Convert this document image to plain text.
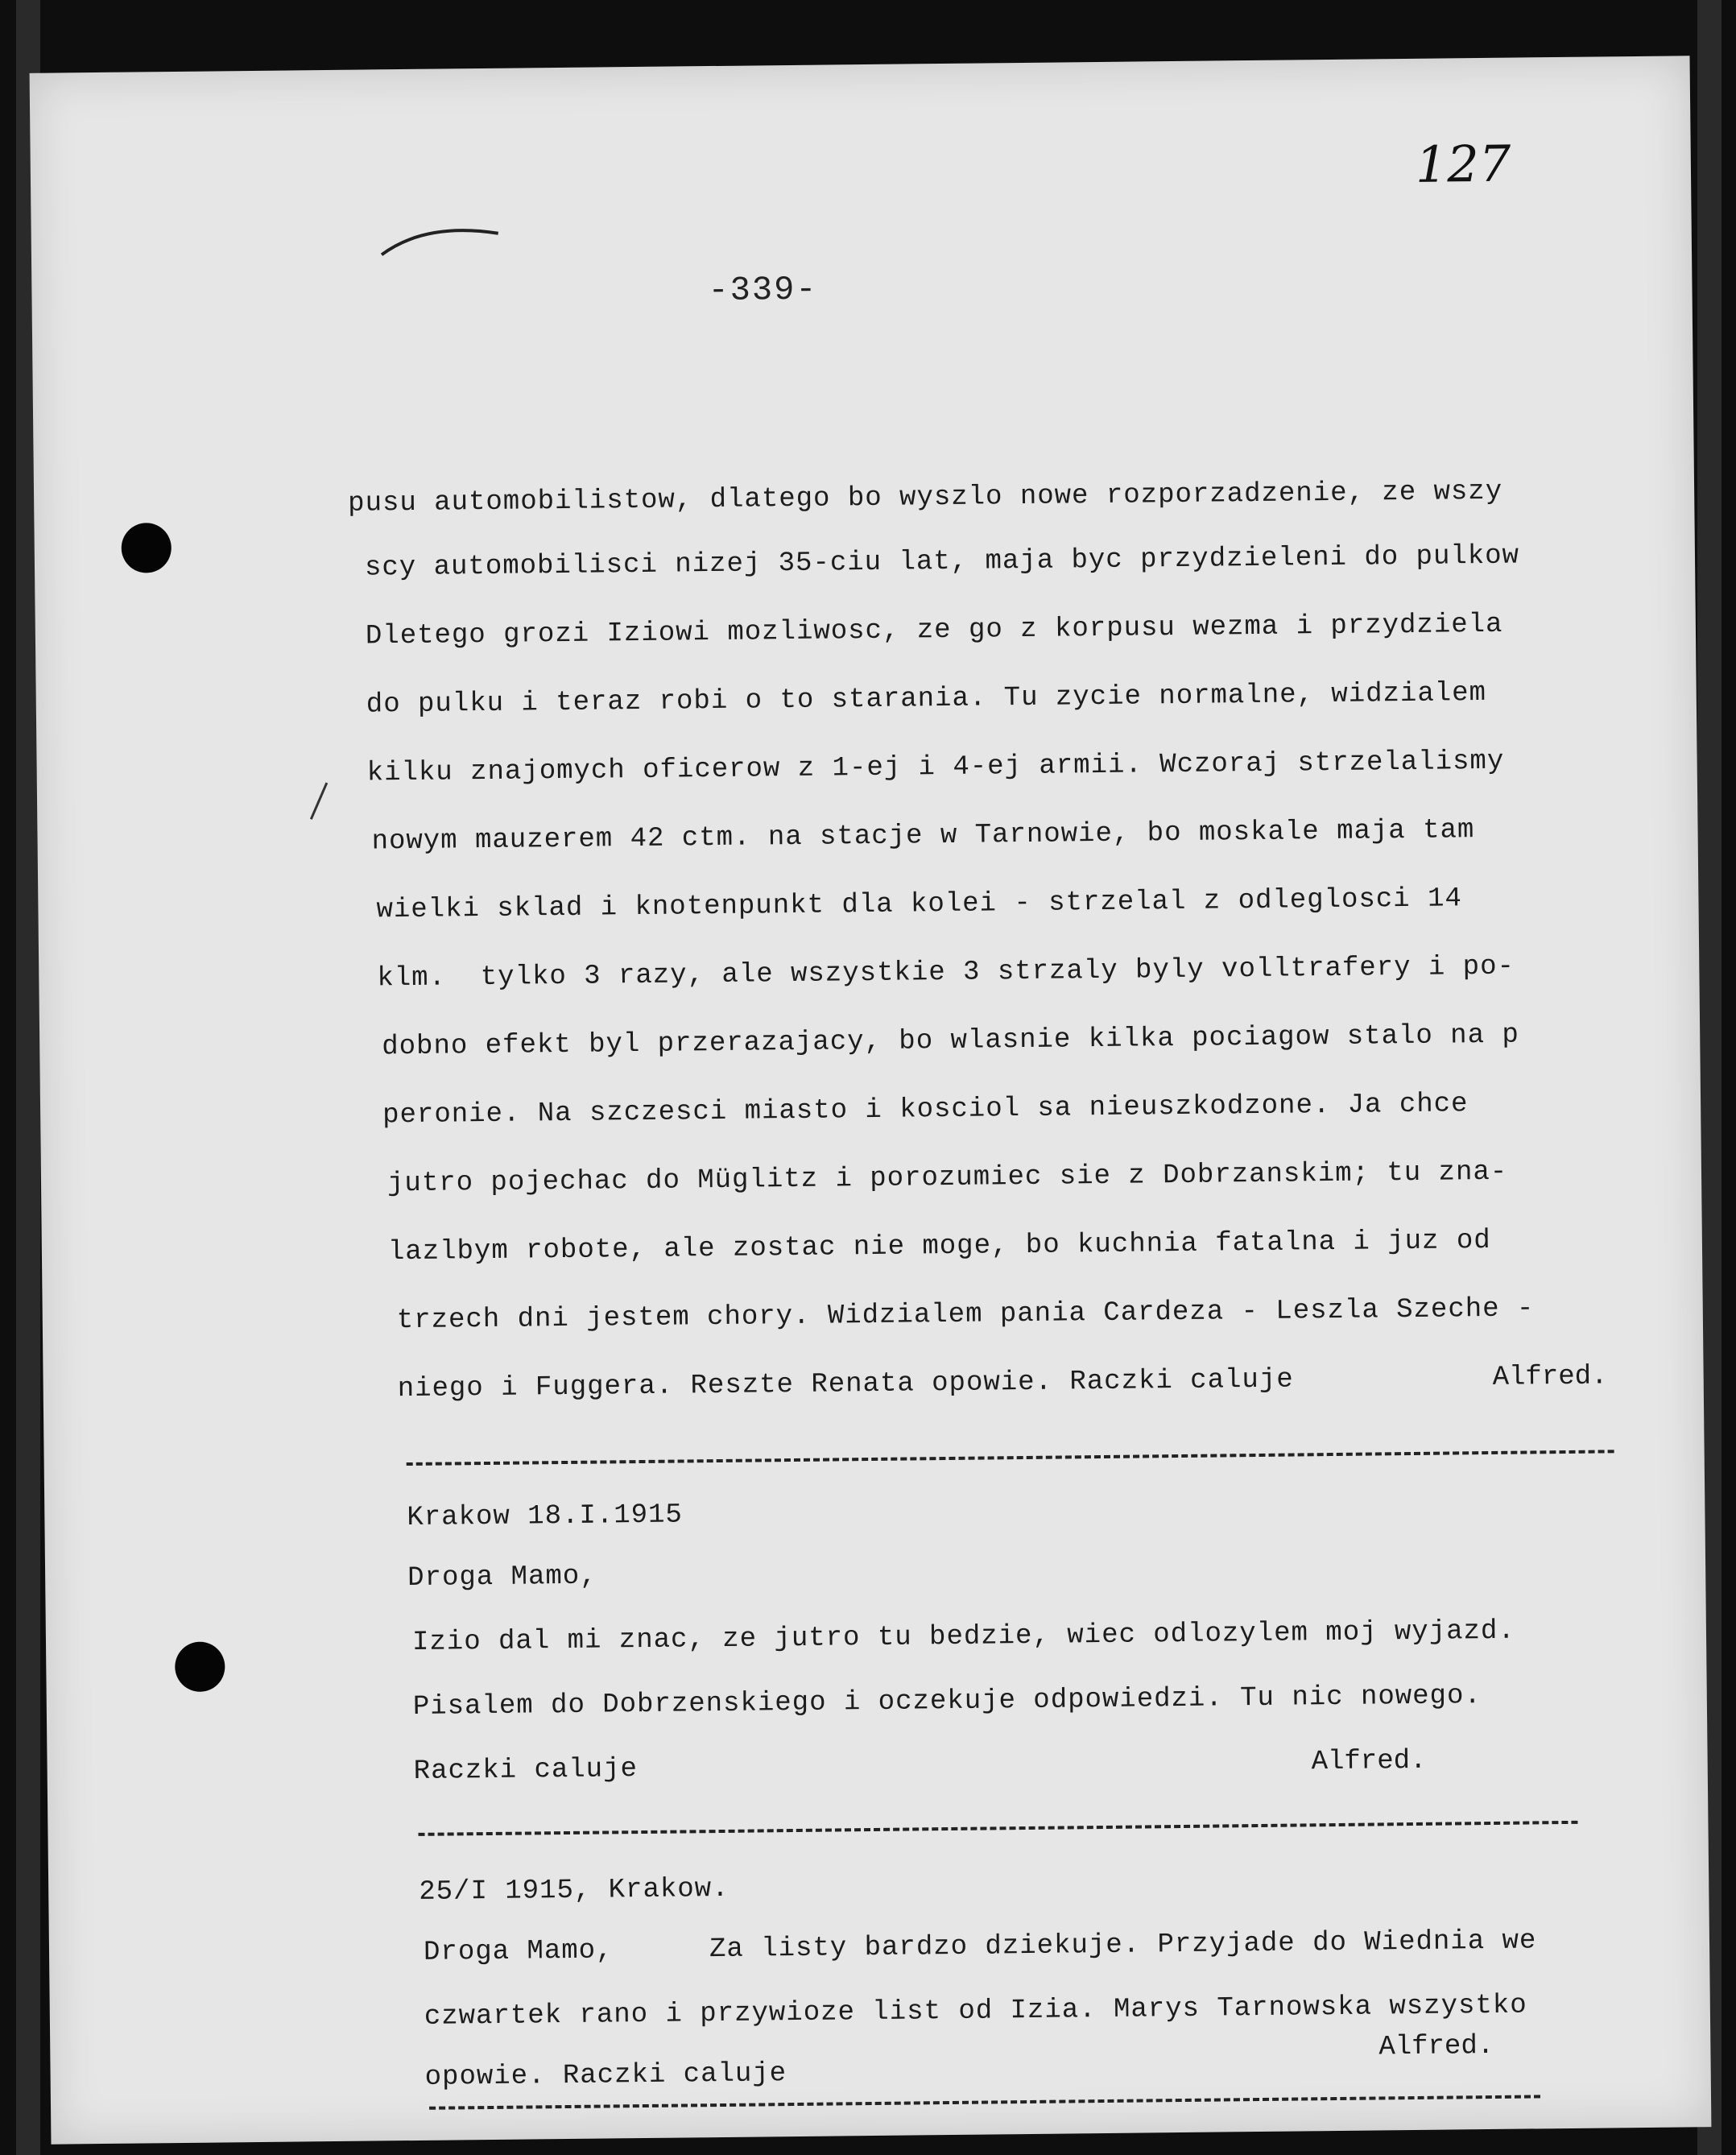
127
-339-
pusu automobilistow, dlatego bo wyszlo nowe rozporzadzenie, ze wszy
scy automobilisci nizej 35-ciu lat, maja byc przydzieleni do pulkow
Dletego grozi Iziowi mozliwosc, ze go z korpusu wezma i przydziela
do pulku i teraz robi o to starania. Tu zycie normalne, widzialem
kilku znajomych oficerow z 1-ej i 4-ej armii. Wczoraj strzelalismy
nowym mauzerem 42 ctm. na stacje w Tarnowie, bo moskale maja tam
wielki sklad i knotenpunkt dla kolei - strzelal z odleglosci 14
klm.  tylko 3 razy, ale wszystkie 3 strzaly byly volltrafery i po-
dobno efekt byl przerazajacy, bo wlasnie kilka pociagow stalo na p
peronie. Na szczesci miasto i kosciol sa nieuszkodzone. Ja chce
jutro pojechac do Müglitz i porozumiec sie z Dobrzanskim; tu zna-
lazlbym robote, ale zostac nie moge, bo kuchnia fatalna i juz od
trzech dni jestem chory. Widzialem pania Cardeza - Leszla Szeche -
niego i Fuggera. Reszte Renata opowie. Raczki caluje	Alfred.
Krakow 18.I.1915
Droga Mamo,
Izio dal mi znac, ze jutro tu bedzie, wiec odlozylem moj wyjazd.
Pisalem do Dobrzenskiego i oczekuje odpowiedzi. Tu nic nowego.
Raczki caluje	Alfred.
25/I 1915, Krakow.
Droga Mamo,	Za listy bardzo dziekuje. Przyjade do Wiednia we
czwartek rano i przywioze list od Izia. Marys Tarnowska wszystko
opowie. Raczki caluje
Alfred.
